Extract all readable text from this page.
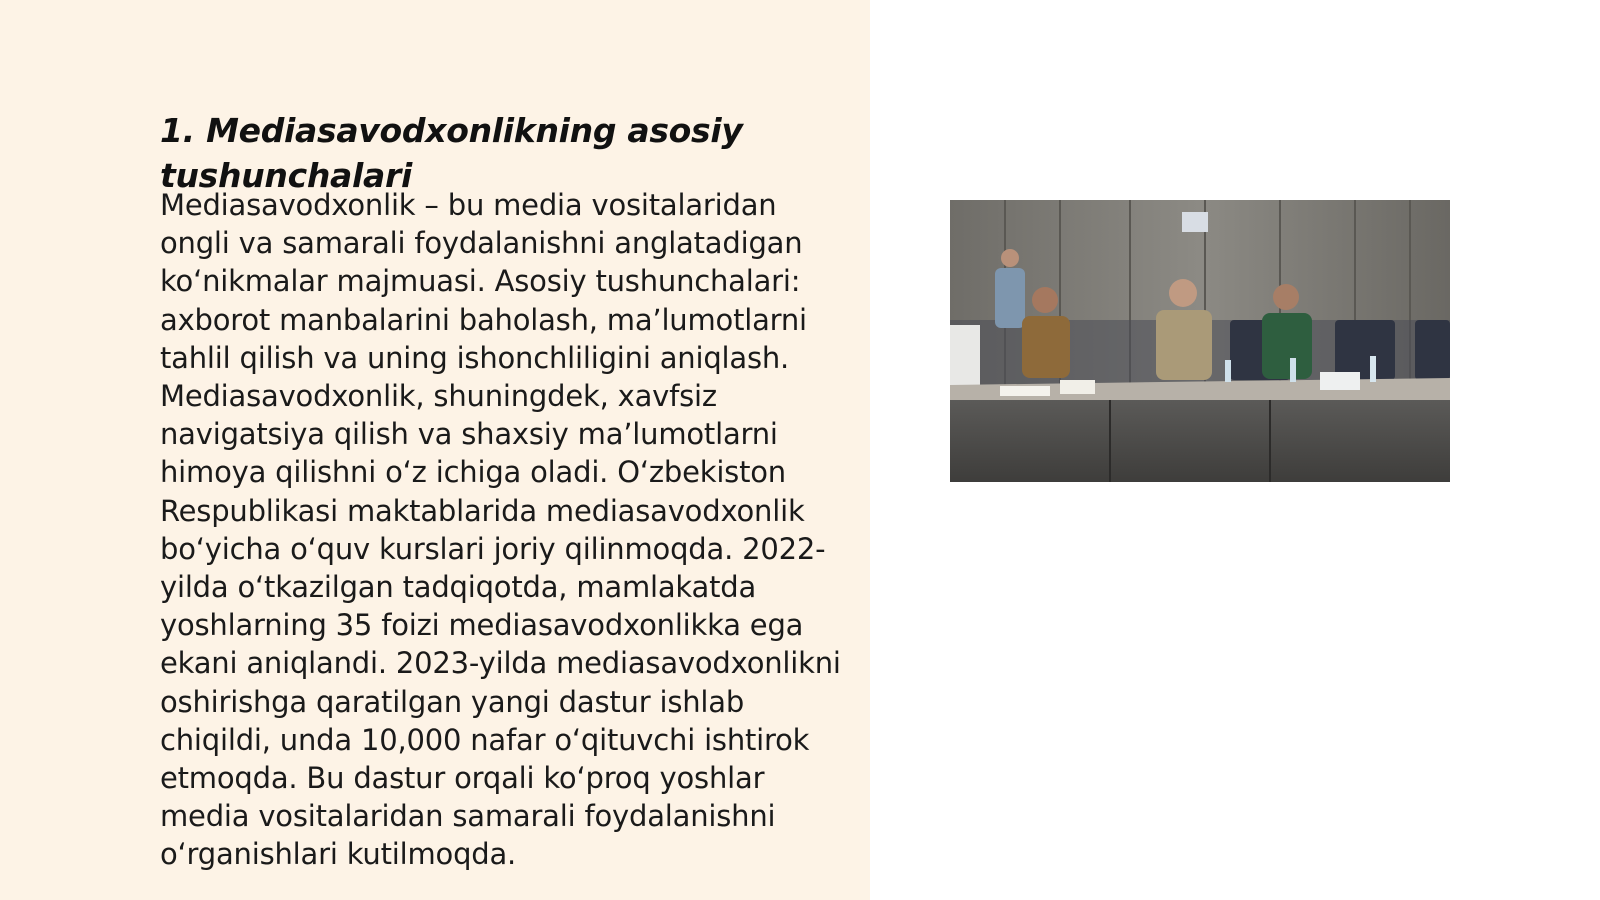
1. Mediasavodxonlikning asosiy tushunchalari

Mediasavodxonlik – bu media vositalaridan ongli va samarali foydalanishni anglatadigan koʻnikmalar majmuasi. Asosiy tushunchalari: axborot manbalarini baholash, maʼlumotlarni tahlil qilish va uning ishonchliligini aniqlash. Mediasavodxonlik, shuningdek, xavfsiz navigatsiya qilish va shaxsiy maʼlumotlarni himoya qilishni oʻz ichiga oladi. Oʻzbekiston Respublikasi maktablarida mediasavodxonlik boʻyicha oʻquv kurslari joriy qilinmoqda. 2022-yilda oʻtkazilgan tadqiqotda, mamlakatda yoshlarning 35 foizi mediasavodxonlikka ega ekani aniqlandi. 2023-yilda mediasavodxonlikni oshirishga qaratilgan yangi dastur ishlab chiqildi, unda 10,000 nafar oʻqituvchi ishtirok etmoqda. Bu dastur orqali koʻproq yoshlar media vositalaridan samarali foydalanishni oʻrganishlari kutilmoqda.
